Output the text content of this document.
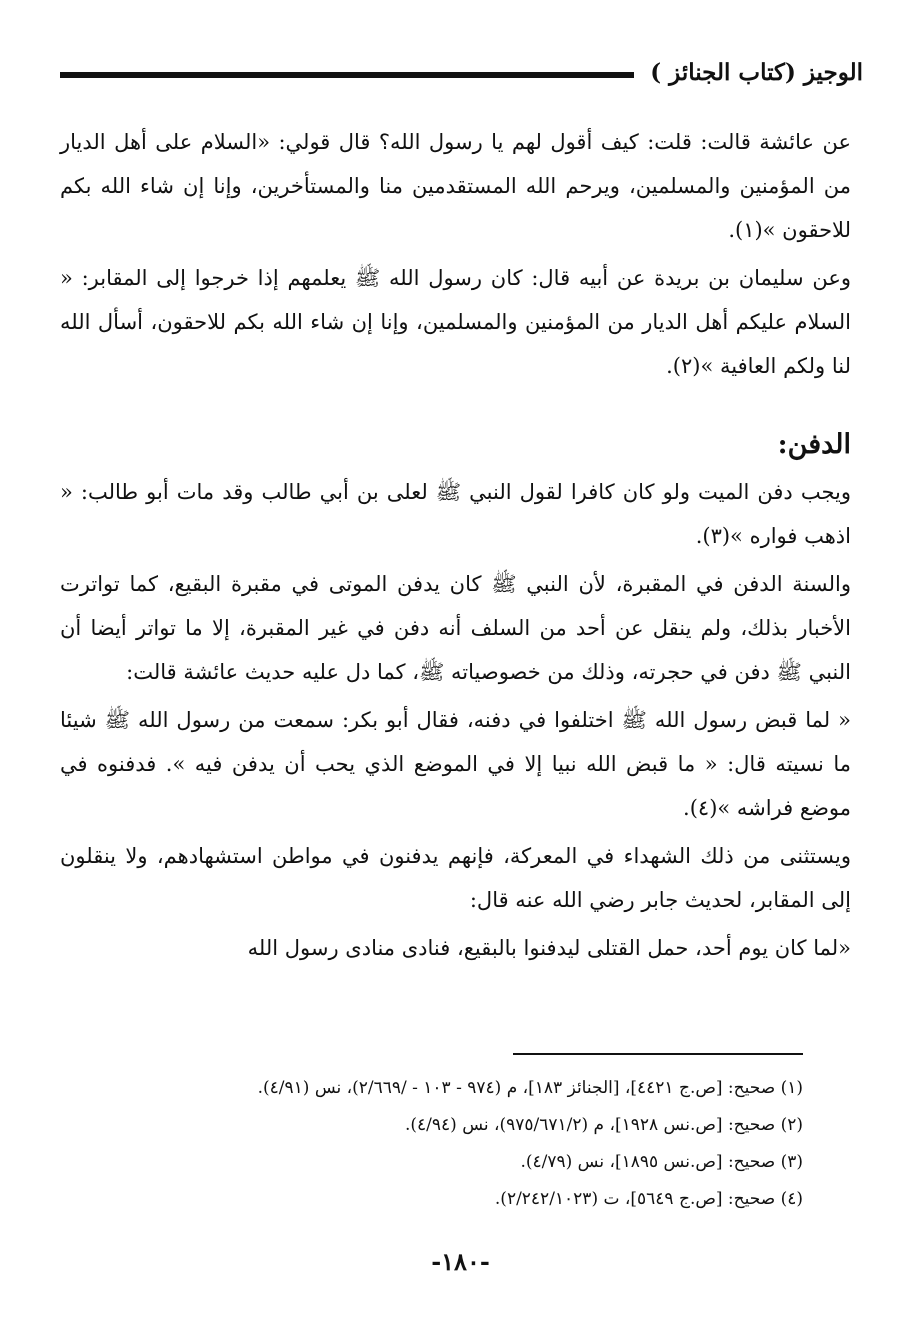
الوجيز (كتاب الجنائز )

عن عائشة قالت: قلت: كيف أقول لهم يا رسول الله؟ قال قولي: «السلام على أهل الديار من المؤمنين والمسلمين، ويرحم الله المستقدمين منا والمستأخرين، وإنا إن شاء الله بكم للاحقون »(١).

وعن سليمان بن بريدة عن أبيه قال: كان رسول الله ﷺ يعلمهم إذا خرجوا إلى المقابر: « السلام عليكم أهل الديار من المؤمنين والمسلمين، وإنا إن شاء الله بكم للاحقون، أسأل الله لنا ولكم العافية »(٢).

الدفن:

ويجب دفن الميت ولو كان كافرا لقول النبي ﷺ لعلى بن أبي طالب وقد مات أبو طالب: « اذهب فواره »(٣).

والسنة الدفن في المقبرة، لأن النبي ﷺ كان يدفن الموتى في مقبرة البقيع، كما تواترت الأخبار بذلك، ولم ينقل عن أحد من السلف أنه دفن في غير المقبرة، إلا ما تواتر أيضا أن النبي ﷺ دفن في حجرته، وذلك من خصوصياته ﷺ، كما دل عليه حديث عائشة قالت:

« لما قبض رسول الله ﷺ اختلفوا في دفنه، فقال أبو بكر: سمعت من رسول الله ﷺ شيئا ما نسيته قال: « ما قبض الله نبيا إلا في الموضع الذي يحب أن يدفن فيه ». فدفنوه في موضع فراشه »(٤).

ويستثنى من ذلك الشهداء في المعركة، فإنهم يدفنون في مواطن استشهادهم، ولا ينقلون إلى المقابر، لحديث جابر رضي الله عنه قال:

«لما كان يوم أحد، حمل القتلى ليدفنوا بالبقيع، فنادى منادى رسول الله

(١) صحيح: [ص.ج ٤٤٢١]، [الجنائز ١٨٣]، م (٩٧٤ - ١٠٣ - /٢/٦٦٩)، نس (٤/٩١).
(٢) صحيح: [ص.نس ١٩٢٨]، م (٩٧٥/٦٧١/٢)، نس (٤/٩٤).
(٣) صحيح: [ص.نس ١٨٩٥]، نس (٤/٧٩).
(٤) صحيح: [ص.ج ٥٦٤٩]، ت (٢/٢٤٢/١٠٢٣).
-١٨٠-
